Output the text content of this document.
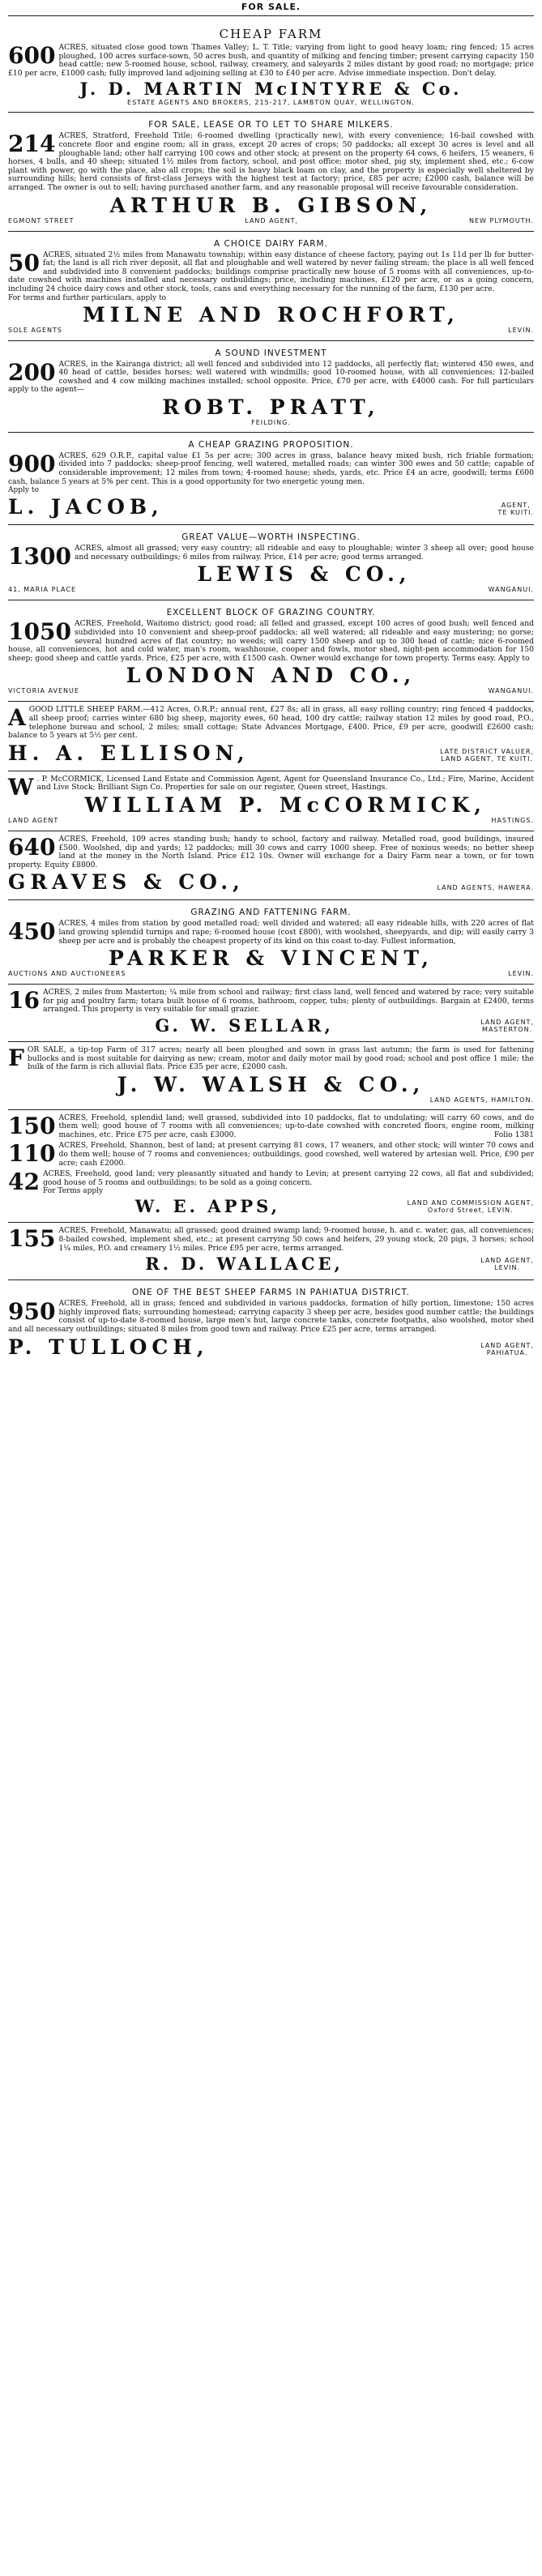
FOR SALE.
CHEAP FARM
600 ACRES, situated close good town Thames Valley; L. T. Title; varying from light to good heavy loam; ring fenced; 15 acres ploughed, 100 acres surface-sown, 50 acres bush, and quantity of milking and fencing timber; present carrying capacity 150 head cattle; new 5-roomed house, school, railway, creamery, and saleyards 2 miles distant by good road; no mortgage; price £10 per acre, £1000 cash; fully improved land adjoining selling at £30 to £40 per acre. Advise immediate inspection. Don't delay.
J. D. MARTIN McINTYRE & Co.
ESTATE AGENTS AND BROKERS, 215-217, LAMBTON QUAY, WELLINGTON.
FOR SALE, LEASE OR TO LET TO SHARE MILKERS.
214 ACRES, Stratford, Freehold Title; 6-roomed dwelling (practically new), with every convenience; 16-bail cowshed with concrete floor and engine room; all in grass, except 20 acres of crops; 50 paddocks; all except 30 acres is level and all ploughable land; other half carrying 100 cows and other stock; at present on the property 64 cows, 6 heifers, 15 weaners, 6 horses, 4 bulls, and 40 sheep; situated 1½ miles from factory, school, and post office; motor shed, pig sty, implement shed, etc.; 6-cow plant with power, go with the place, also all crops; the soil is heavy black loam on clay, and the property is especially well sheltered by surrounding hills; herd consists of first-class Jerseys with the highest test at factory; price, £85 per acre; £2000 cash, balance will be arranged. The owner is out to sell; having purchased another farm, and any reasonable proposal will receive favourable consideration.
ARTHUR B. GIBSON,
EGMONT STREET	LAND AGENT,	NEW PLYMOUTH.
A CHOICE DAIRY FARM.
50 ACRES, situated 2½ miles from Manawatu township; within easy distance of cheese factory, paying out 1s 11d per lb for butter-fat; the land is all rich river deposit, all flat and ploughable and well watered by never failing stream; the place is all well fenced and subdivided into 8 convenient paddocks; buildings comprise practically new house of 5 rooms with all conveniences, up-to-date cowshed with machines installed and necessary outbuildings; price, including machines, £120 per acre, or as a going concern, including 24 choice dairy cows and other stock, tools, cans and everything necessary for the running of the farm, £130 per acre.
For terms and further particulars, apply to
MILNE AND ROCHFORT,
SOLE AGENTS	LEVIN.
A SOUND INVESTMENT
200 ACRES, in the Kairanga district; all well fenced and subdivided into 12 paddocks, all perfectly flat; wintered 450 ewes, and 40 head of cattle, besides horses; well watered with windmills; good 10-roomed house, with all conveniences; 12-bailed cowshed and 4 cow milking machines installed; school opposite. Price, £70 per acre, with £4000 cash. For full particulars apply to the agent—
ROBT. PRATT,
FEILDING.
A CHEAP GRAZING PROPOSITION.
900 ACRES, 629 O.R.P., capital value £1 5s per acre; 300 acres in grass, balance heavy mixed bush, rich friable formation; divided into 7 paddocks; sheep-proof fencing, well watered, metalled roads; can winter 300 ewes and 50 cattle; capable of considerable improvement; 12 miles from town; 4-roomed house; sheds, yards, etc. Price £4 an acre, goodwill; terms £600 cash, balance 5 years at 5% per cent. This is a good opportunity for two energetic young men.
Apply to
L. JACOB,	AGENT,
TE KUITI.
GREAT VALUE—WORTH INSPECTING.
1300 ACRES, almost all grassed; very easy country; all rideable and easy to ploughable; winter 3 sheep all over; good house and necessary outbuildings; 6 miles from railway. Price, £14 per acre; good terms arranged.
LEWIS & CO.,
41, MARIA PLACE	WANGANUI.
EXCELLENT BLOCK OF GRAZING COUNTRY.
1050 ACRES, Freehold, Waitomo district; good road; all felled and grassed, except 100 acres of good bush; well fenced and subdivided into 10 convenient and sheep-proof paddocks; all well watered; all rideable and easy mustering; no gorse; several hundred acres of flat country; no weeds; will carry 1500 sheep and up to 300 head of cattle; nice 6-roomed house, all conveniences, hot and cold water, man's room, washhouse, cooper and fowls, motor shed, night-pen accommodation for 150 sheep; good sheep and cattle yards. Price, £25 per acre, with £1500 cash. Owner would exchange for town property. Terms easy. Apply to
LONDON AND CO.,
VICTORIA AVENUE	WANGANUI.
A GOOD LITTLE SHEEP FARM.—412 Acres, O.R.P.; annual rent, £27 8s; all in grass, all easy rolling country; ring fenced 4 paddocks, all sheep proof; carries winter 680 big sheep, majority ewes, 60 head, 100 dry cattle; railway station 12 miles by good road, P.O., telephone bureau and school, 2 miles; small cottage; State Advances Mortgage, £400. Price, £9 per acre, goodwill £2600 cash; balance to 5 years at 5½ per cent.
H. A. ELLISON,	LATE DISTRICT VALUER,
LAND AGENT, TE KUITI.
W . P. McCORMICK, Licensed Land Estate and Commission Agent, Agent for Queensland Insurance Co., Ltd.; Fire, Marine, Accident and Live Stock; Brilliant Sign Co. Properties for sale on our register, Queen street, Hastings.
WILLIAM P. McCORMICK,
LAND AGENT	HASTINGS.
640 ACRES, Freehold, 109 acres standing bush; handy to school, factory and railway. Metalled road, good buildings, insured £500. Woolshed, dip and yards; 12 paddocks; mill 30 cows and carry 1000 sheep. Free of noxious weeds; no better sheep land at the money in the North Island. Price £12 10s. Owner will exchange for a Dairy Farm near a town, or for town property. Equity £8800.
GRAVES & CO.,	LAND AGENTS, HAWERA.
GRAZING AND FATTENING FARM.
450 ACRES, 4 miles from station by good metalled road; well divided and watered; all easy rideable hills, with 220 acres of flat land growing splendid turnips and rape; 6-roomed house (cost £800), with woolshed, sheepyards, and dip; will easily carry 3 sheep per acre and is probably the cheapest property of its kind on this coast to-day. Fullest information,
PARKER & VINCENT,
AUCTIONS AND AUCTIONEERS	LEVIN.
16 ACRES, 2 miles from Masterton; ¼ mile from school and railway; first class land, well fenced and watered by race; very suitable for pig and poultry farm; totara built house of 6 rooms, bathroom, copper, tubs; plenty of outbuildings. Bargain at £2400, terms arranged. This property is very suitable for small grazier.
G. W. SELLAR,	LAND AGENT,
MASTERTON.
F OR SALE, a tip-top Farm of 317 acres; nearly all been ploughed and sown in grass last autumn; the farm is used for fattening bullocks and is most suitable for dairying as new; cream, motor and daily motor mail by good road; school and post office 1 mile; the bulk of the farm is rich alluvial flats. Price £35 per acre, £2000 cash.
J. W. WALSH & CO.,
LAND AGENTS, HAMILTON.
150 ACRES, Freehold, splendid land; well grassed, subdivided into 10 paddocks, flat to undulating; will carry 60 cows, and do them well; good house of 7 rooms with all conveniences; up-to-date cowshed with concreted floors, engine room, milking machines, etc. Price £75 per acre, cash £3000.	Folio 1381
110 ACRES, Freehold, Shannon, best of land; at present carrying 81 cows, 17 weaners, and other stock; will winter 70 cows and do them well; house of 7 rooms and conveniences; outbuildings, good cowshed, well watered by artesian well. Price, £90 per acre; cash £2000.
42 ACRES, Freehold, good land; very pleasantly situated and handy to Levin; at present carrying 22 cows, all flat and subdivided; good house of 5 rooms and outbuildings; to be sold as a going concern.
For Terms apply
W. E. APPS,	LAND AND COMMISSION AGENT,
Oxford Street, LEVIN.
155 ACRES, Freehold, Manawatu; all grassed; good drained swamp land; 9-roomed house, h. and c. water, gas, all conveniences; 8-bailed cowshed, implement shed, etc.; at present carrying 50 cows and heifers, 29 young stock, 20 pigs, 3 horses; school 1¼ miles, P.O. and creamery 1½ miles. Price £95 per acre, terms arranged.
R. D. WALLACE,	LAND AGENT,
LEVIN.
ONE OF THE BEST SHEEP FARMS IN PAHIATUA DISTRICT.
950 ACRES, Freehold, all in grass; fenced and subdivided in various paddocks, formation of hilly portion, limestone; 150 acres highly improved flats; surrounding homestead; carrying capacity 3 sheep per acre, besides good number cattle; the buildings consist of up-to-date 8-roomed house, large men's hut, large concrete tanks, concrete footpaths, also woolshed, motor shed and all necessary outbuildings; situated 8 miles from good town and railway. Price £25 per acre, terms arranged.
P. TULLOCH,	LAND AGENT,
PAHIATUA.
